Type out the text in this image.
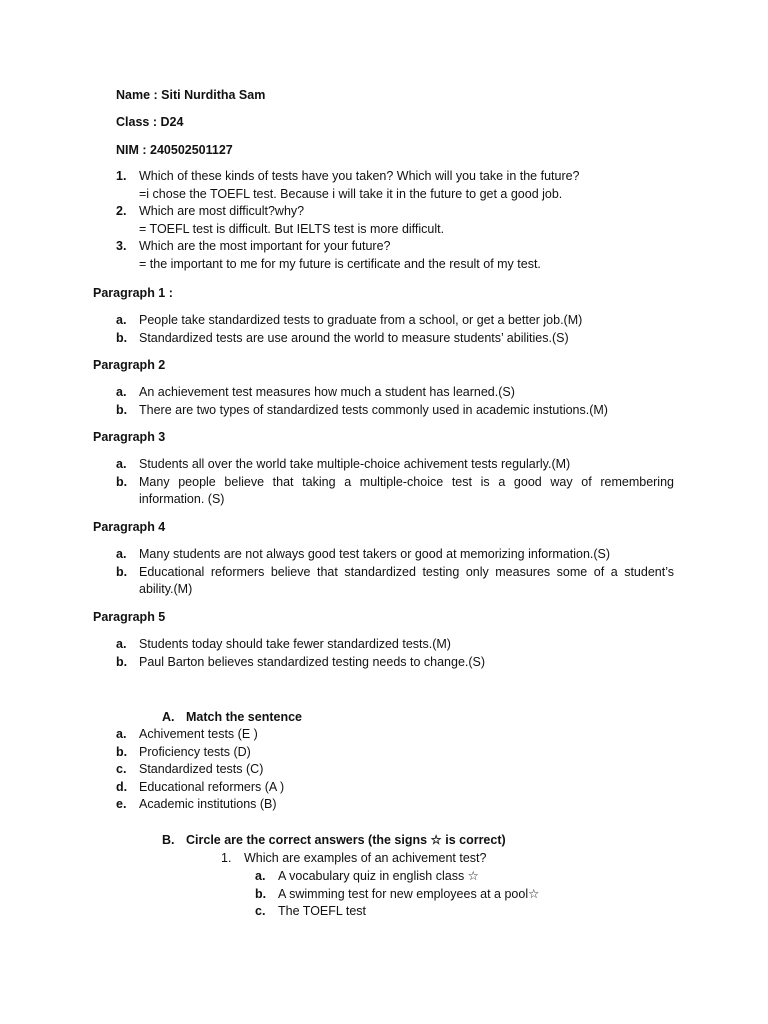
Name : Siti Nurditha Sam

Class : D24

NIM : 240502501127

1. Which of these kinds of tests have you taken? Which will you take in the future?
=i chose the TOEFL test. Because i will take it in the future to get a good job.
2. Which are most difficult?why?
= TOEFL test is difficult. But IELTS test is more difficult.
3. Which are the most important for your future?
= the important to me for my future is certificate and the result of my test.

Paragraph 1 :

a. People take standardized tests to graduate from a school, or get a better job.(M)
b. Standardized tests are use around the world to measure students’ abilities.(S)

Paragraph 2

a. An achievement test measures how much a student has learned.(S)
b. There are two types of standardized tests commonly used in academic instutions.(M)

Paragraph 3

a. Students all over the world take multiple-choice achivement tests regularly.(M)
b. Many people believe that taking a multiple-choice test is a good way of remembering information. (S)

Paragraph 4

a. Many students are not always good test takers or good at memorizing information.(S)
b. Educational reformers believe that standardized testing only measures some of a student’s ability.(M)

Paragraph 5

a. Students today should take fewer standardized tests.(M)
b. Paul Barton believes standardized testing needs to change.(S)
A. Match the sentence
a. Achivement tests (E )
b. Proficiency tests (D)
c. Standardized tests (C)
d. Educational reformers (A )
e. Academic institutions (B)
B. Circle are the correct answers (the signs ☆ is correct)
1. Which are examples of an achivement test?
a. A vocabulary quiz in english class ☆
b. A swimming test for new employees at a pool☆
c. The TOEFL test
